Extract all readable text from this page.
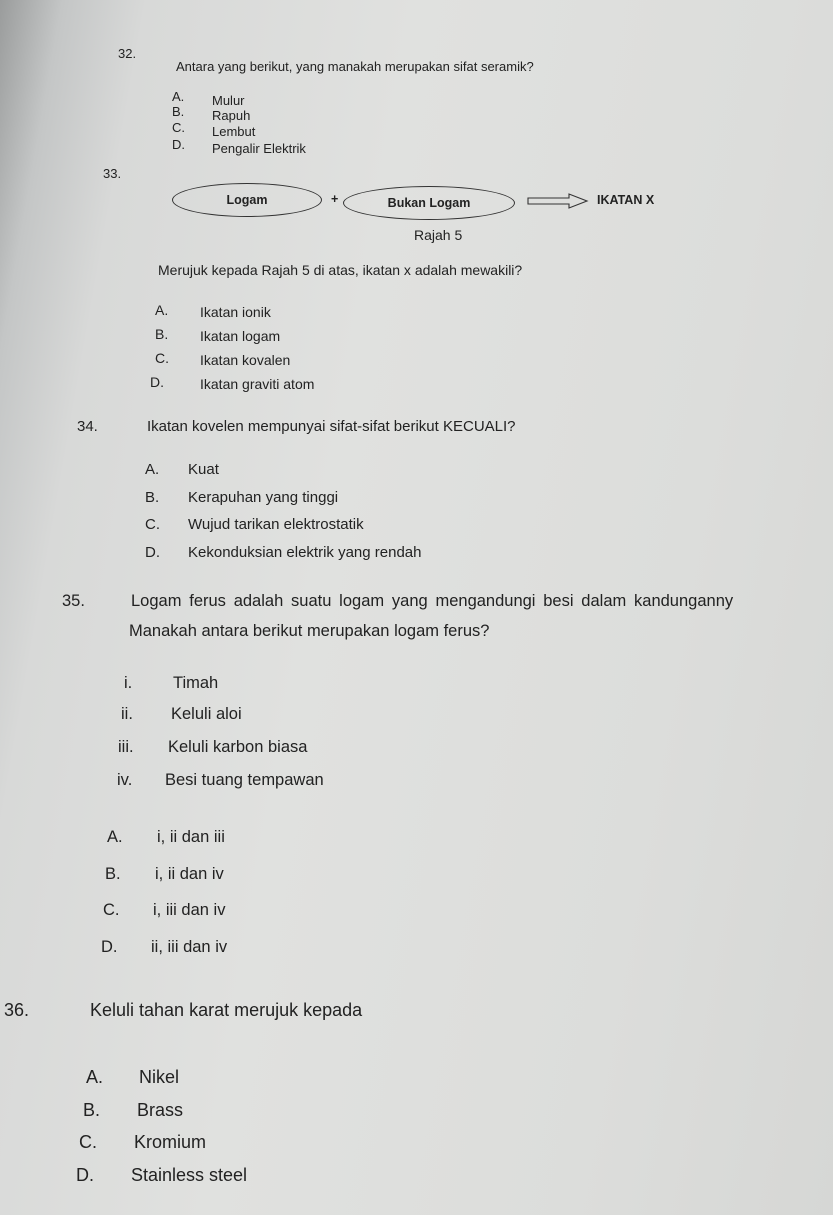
32.
Antara yang berikut, yang manakah merupakan sifat seramik?
A. Mulur
B. Rapuh
C. Lembut
D. Pengalir Elektrik
33.
Logam	+	Bukan Logam	IKATAN X
Rajah 5
Merujuk kepada Rajah 5 di atas, ikatan x adalah mewakili?
A. Ikatan ionik
B. Ikatan logam
C. Ikatan kovalen
D.	Ikatan graviti atom
34.	Ikatan kovelen mempunyai sifat-sifat berikut KECUALI?
A. Kuat
B. Kerapuhan yang tinggi
C. Wujud tarikan elektrostatik
D. Kekonduksian elektrik yang rendah
35.	Logam ferus adalah suatu logam yang mengandungi besi dalam kandunganny
Manakah antara berikut merupakan logam ferus?
i. Timah
ii. Keluli aloi
iii. Keluli karbon biasa
iv. Besi tuang tempawan
A. i, ii dan iii
B. i, ii dan iv
C. i, iii dan iv
D. ii, iii dan iv
36.	Keluli tahan karat merujuk kepada
A. Nikel
B. Brass
C. Kromium
D. Stainless steel
